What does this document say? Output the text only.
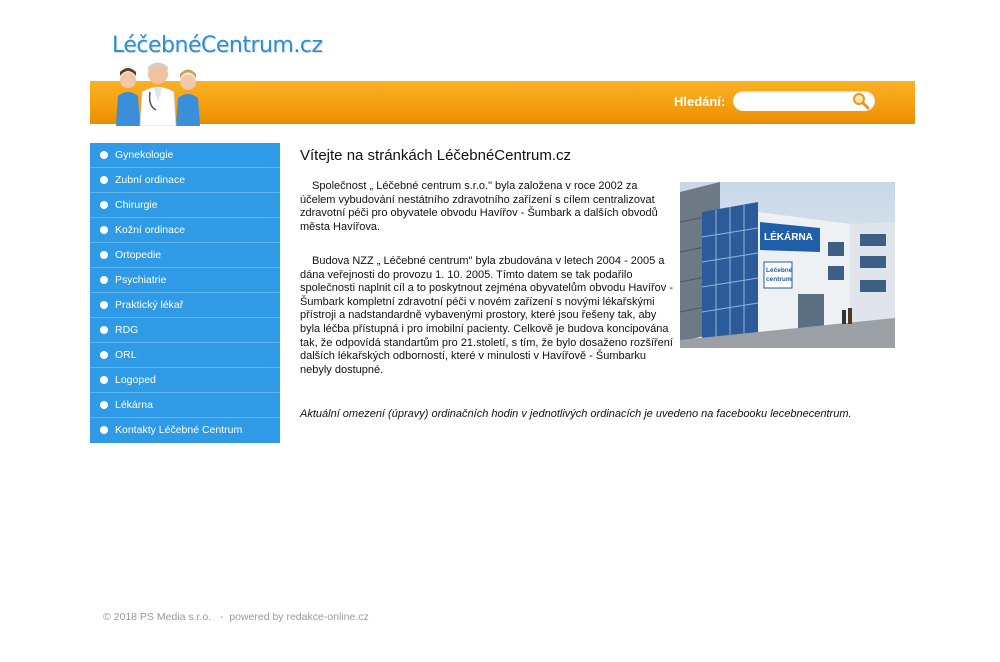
LéčebnéCentrum.cz
Hledání:
Gynekologie
Zubní ordinace
Chirurgie
Kožní ordinace
Ortopedie
Psychiatrie
Praktický lékař
RDG
ORL
Logoped
Lékárna
Kontakty Léčebné Centrum
Vítejte na stránkách LéčebnéCentrum.cz

Společnost „ Léčebné centrum s.r.o." byla založena v roce 2002 za účelem vybudování nestátního zdravotního zařízení s cílem centralizovat zdravotní péči pro obyvatele obvodu Havířov - Šumbark a dalších obvodů města Havířova.

Budova NZZ „ Léčebné centrum" byla zbudována v letech 2004 - 2005 a dána veřejnosti do provozu 1. 10. 2005. Tímto datem se tak podařilo společnosti naplnit cíl a to poskytnout zejména obyvatelům obvodu Havířov - Šumbark kompletní zdravotní péči v novém zařízení s novými lékařskými přístroji a nadstandardně vybavenými prostory, které jsou řešeny tak, aby byla léčba přístupná i pro imobilní pacienty. Celkově je budova koncipována tak, že odpovídá standartům pro 21.století, s tím, že bylo dosaženo rozšíření dalších lékařských odborností, které v minulosti v Havířově - Šumbarku nebyly dostupné.

Aktuální omezení (úpravy) ordinačních hodin v jednotlivých ordinacích je uvedeno na facebooku lecebnecentrum.
LÉKÁRNA
Léčebné
centrum
© 2018 PS Media s.r.o. - powered by redakce-online.cz
